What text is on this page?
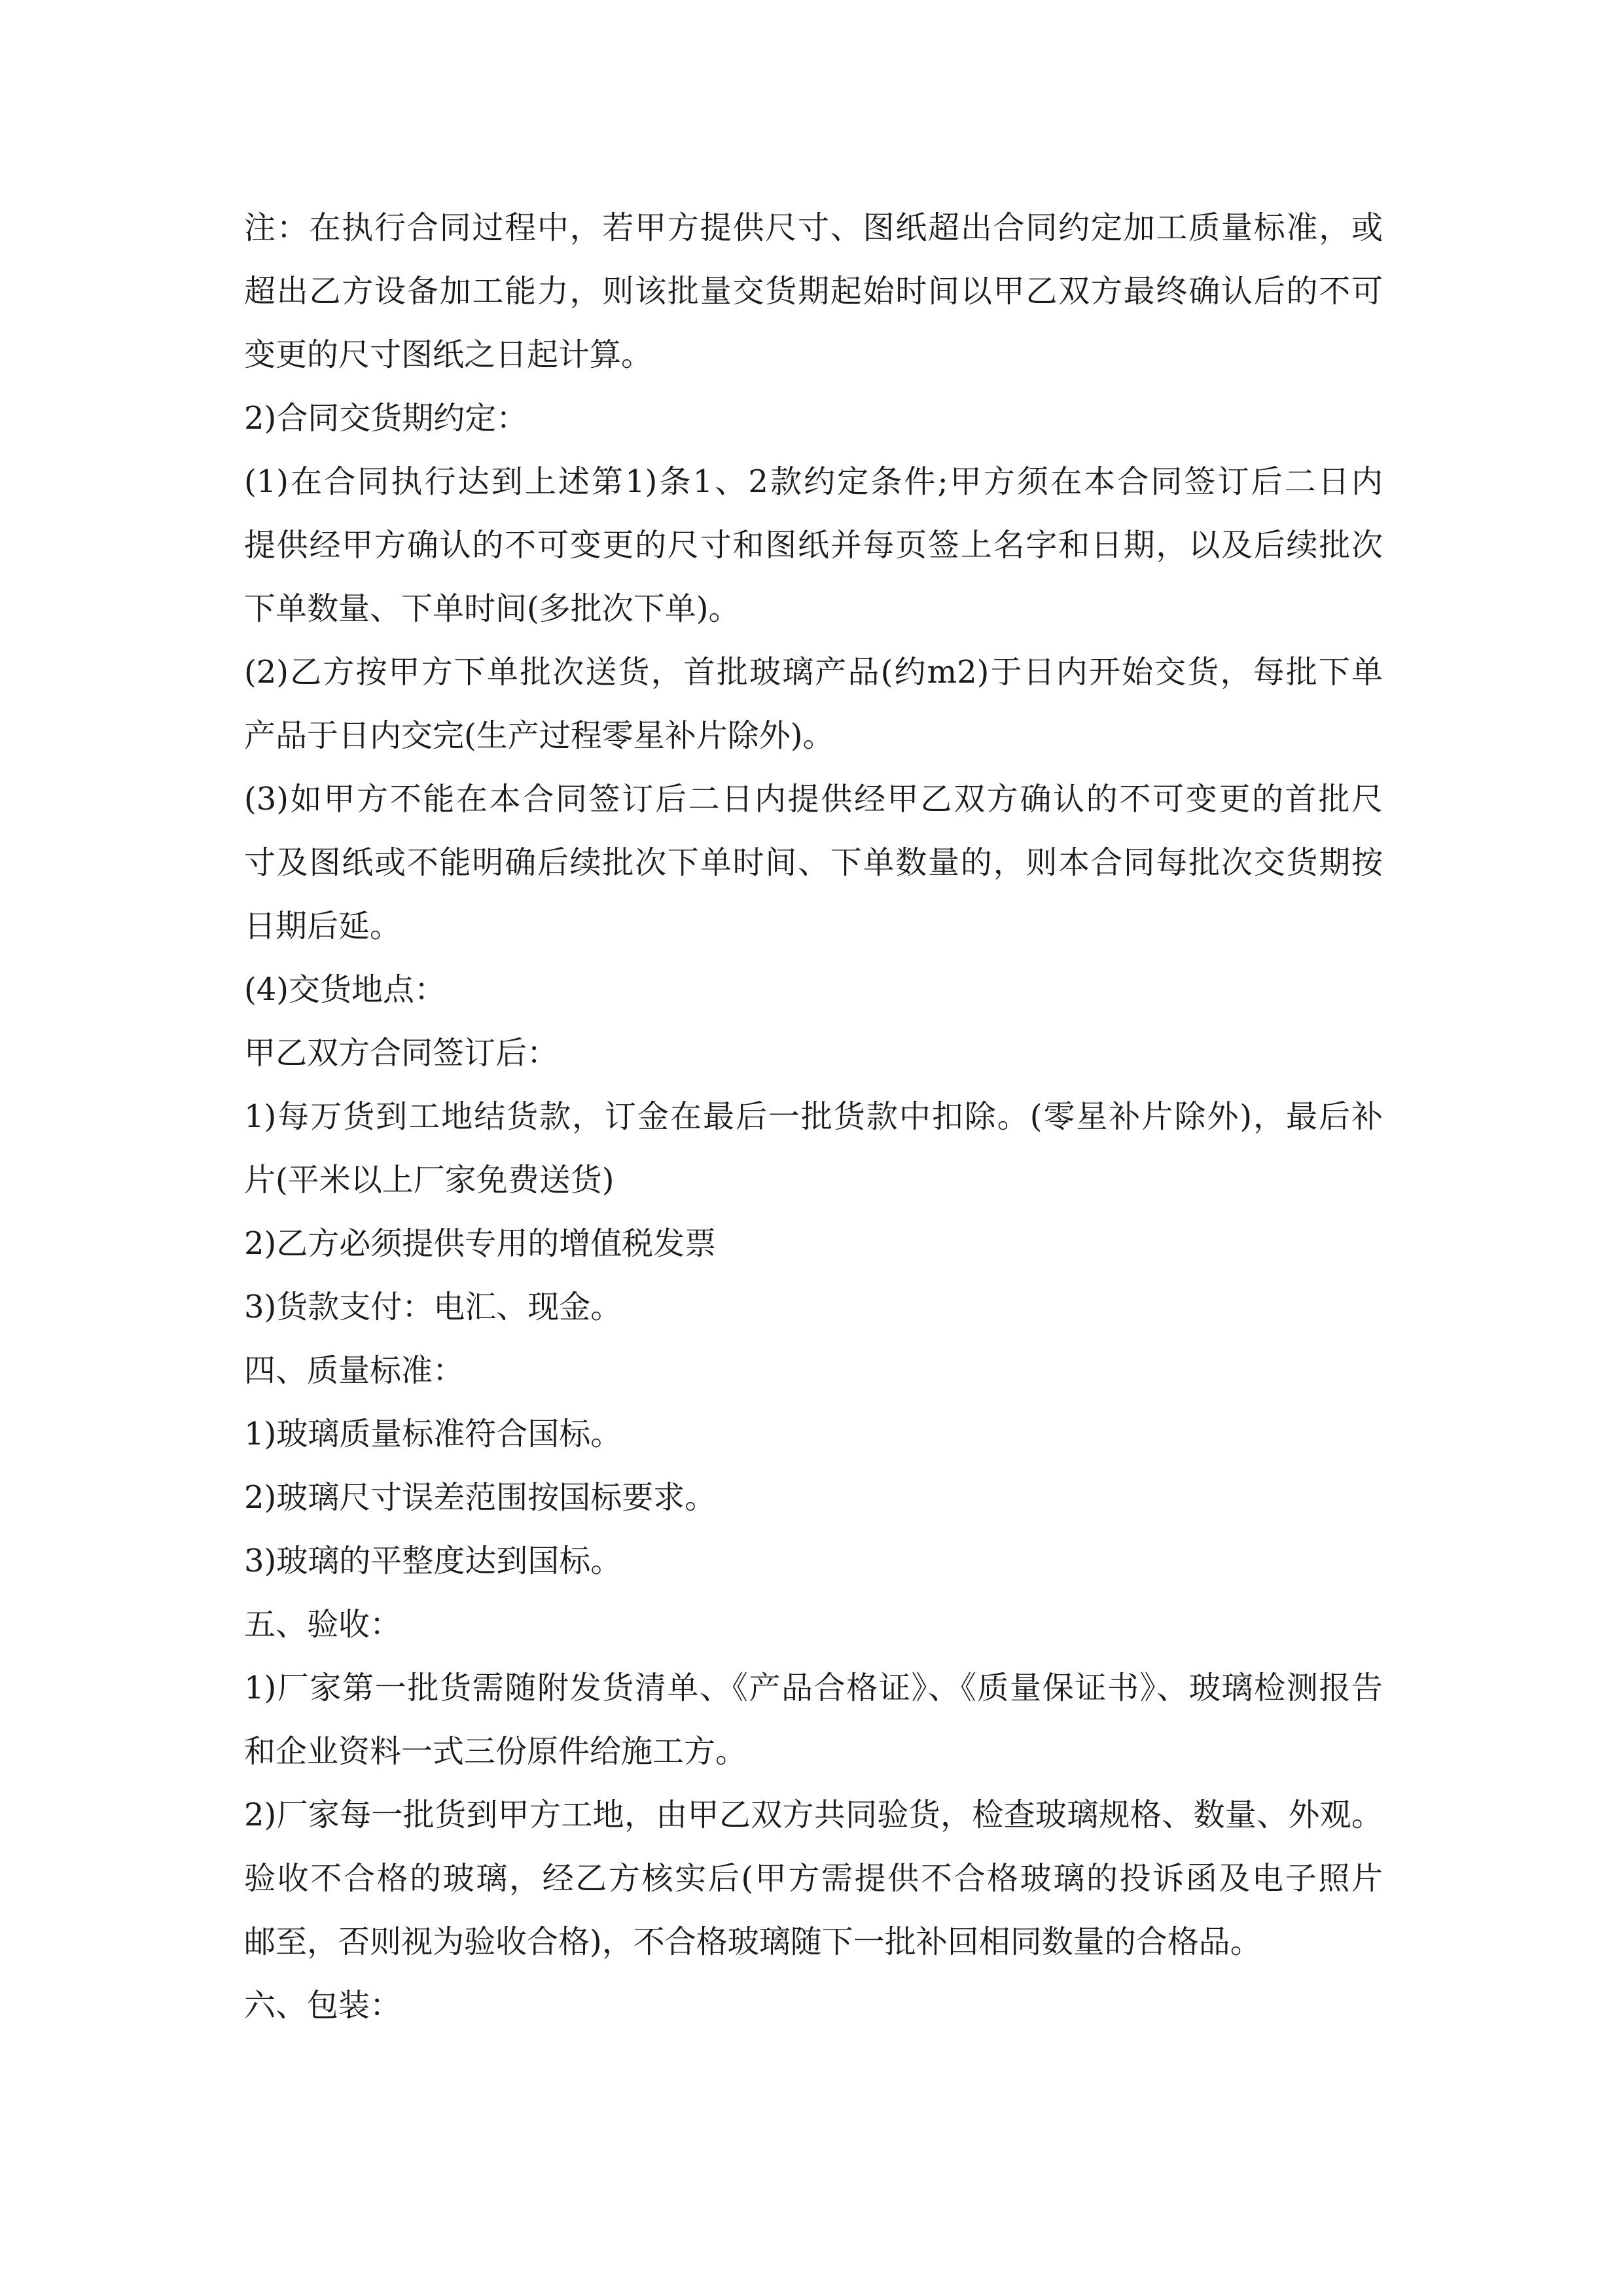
注：在执行合同过程中，若甲方提供尺寸、图纸超出合同约定加工质量标准，或
超出乙方设备加工能力，则该批量交货期起始时间以甲乙双方最终确认后的不可
变更的尺寸图纸之日起计算。

2)合同交货期约定：

(1)在合同执行达到上述第1)条1、2款约定条件;甲方须在本合同签订后二日内
提供经甲方确认的不可变更的尺寸和图纸并每页签上名字和日期，以及后续批次
下单数量、下单时间(多批次下单)。

(2)乙方按甲方下单批次送货，首批玻璃产品(约m2)于日内开始交货，每批下单
产品于日内交完(生产过程零星补片除外)。

(3)如甲方不能在本合同签订后二日内提供经甲乙双方确认的不可变更的首批尺
寸及图纸或不能明确后续批次下单时间、下单数量的，则本合同每批次交货期按
日期后延。

(4)交货地点：

甲乙双方合同签订后：

1)每万货到工地结货款，订金在最后一批货款中扣除。(零星补片除外)，最后补
片(平米以上厂家免费送货)

2)乙方必须提供专用的增值税发票

3)货款支付：电汇、现金。

四、质量标准：

1)玻璃质量标准符合国标。

2)玻璃尺寸误差范围按国标要求。

3)玻璃的平整度达到国标。

五、验收：

1)厂家第一批货需随附发货清单、《产品合格证》、《质量保证书》、玻璃检测报告
和企业资料一式三份原件给施工方。

2)厂家每一批货到甲方工地，由甲乙双方共同验货，检查玻璃规格、数量、外观。
验收不合格的玻璃，经乙方核实后(甲方需提供不合格玻璃的投诉函及电子照片
邮至，否则视为验收合格)，不合格玻璃随下一批补回相同数量的合格品。

六、包装：
